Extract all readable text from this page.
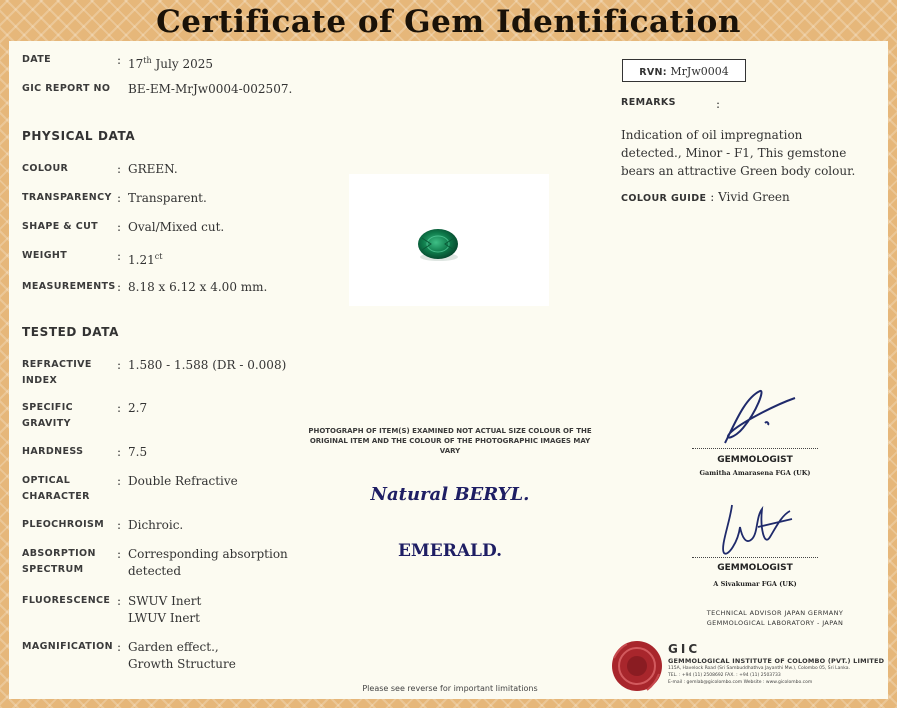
Certificate of Gem Identification
DATE	: 17th July 2025
GIC REPORT NO	BE-EM-MrJw0004-002507.
PHYSICAL DATA
COLOUR	: GREEN.
TRANSPARENCY : Transparent.
SHAPE & CUT	: Oval/Mixed cut.
WEIGHT	: $1.21^{ct}$
MEASUREMENTS : 8.18 x 6.12 x 4.00 mm.
TESTED DATA
REFRACTIVE
INDEX
: 1.580 - 1.588 (DR - 0.008)
SPECIFIC
GRAVITY
: 2.7
HARDNESS	: 7.5
OPTICAL
CHARACTER
: Double Refractive
PLEOCHROISM	: Dichroic.
ABSORPTION
SPECTRUM
: Corresponding absorption
detected
FLUORESCENCE : SWUV Inert
LWUV Inert
MAGNIFICATION : Garden effect.,
Growth Structure
PHOTOGRAPH OF ITEM(S) EXAMINED NOT ACTUAL SIZE COLOUR OF THE ORIGINAL ITEM AND THE COLOUR OF THE PHOTOGRAPHIC IMAGES MAY VARY
Natural BERYL.
EMERALD.
Please see reverse for important limitations
RVN: MrJw0004
REMARKS	:
Indication of oil impregnation detected., Minor - F1, This gemstone bears an attractive Green body colour.
COLOUR GUIDE : Vivid Green
GEMMOLOGIST
Gamitha Amarasena FGA (UK)
GEMMOLOGIST
A Sivakumar FGA (UK)
TECHNICAL ADVISOR JAPAN GERMANY
GEMMOLOGICAL LABORATORY - JAPAN
GIC
GEMMOLOGICAL INSTITUTE OF COLOMBO (PVT.) LIMITED
115A, Havelock Road (Sri Sambuddhathva Jayanthi Mw.), Colombo 05, Sri Lanka.
TEL. : +94 (11) 2508692 FAX. : +94 (11) 2503733
E-mail : gemlab@gicolombo.com Website : www.gicolombo.com
